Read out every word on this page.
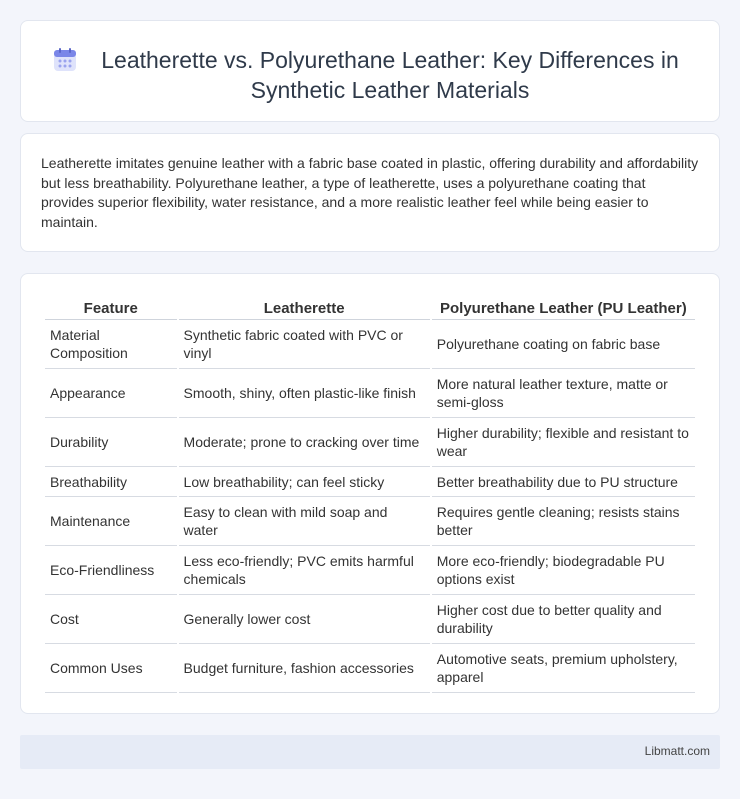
Leatherette vs. Polyurethane Leather: Key Differences in Synthetic Leather Materials

Leatherette imitates genuine leather with a fabric base coated in plastic, offering durability and affordability but less breathability. Polyurethane leather, a type of leatherette, uses a polyurethane coating that provides superior flexibility, water resistance, and a more realistic leather feel while being easier to maintain.

Feature	Leatherette	Polyurethane Leather (PU Leather)
Material Composition	Synthetic fabric coated with PVC or vinyl	Polyurethane coating on fabric base
Appearance	Smooth, shiny, often plastic-like finish	More natural leather texture, matte or semi-gloss
Durability	Moderate; prone to cracking over time	Higher durability; flexible and resistant to wear
Breathability	Low breathability; can feel sticky	Better breathability due to PU structure
Maintenance	Easy to clean with mild soap and water	Requires gentle cleaning; resists stains better
Eco-Friendliness	Less eco-friendly; PVC emits harmful chemicals	More eco-friendly; biodegradable PU options exist
Cost	Generally lower cost	Higher cost due to better quality and durability
Common Uses	Budget furniture, fashion accessories	Automotive seats, premium upholstery, apparel
Libmatt.com
